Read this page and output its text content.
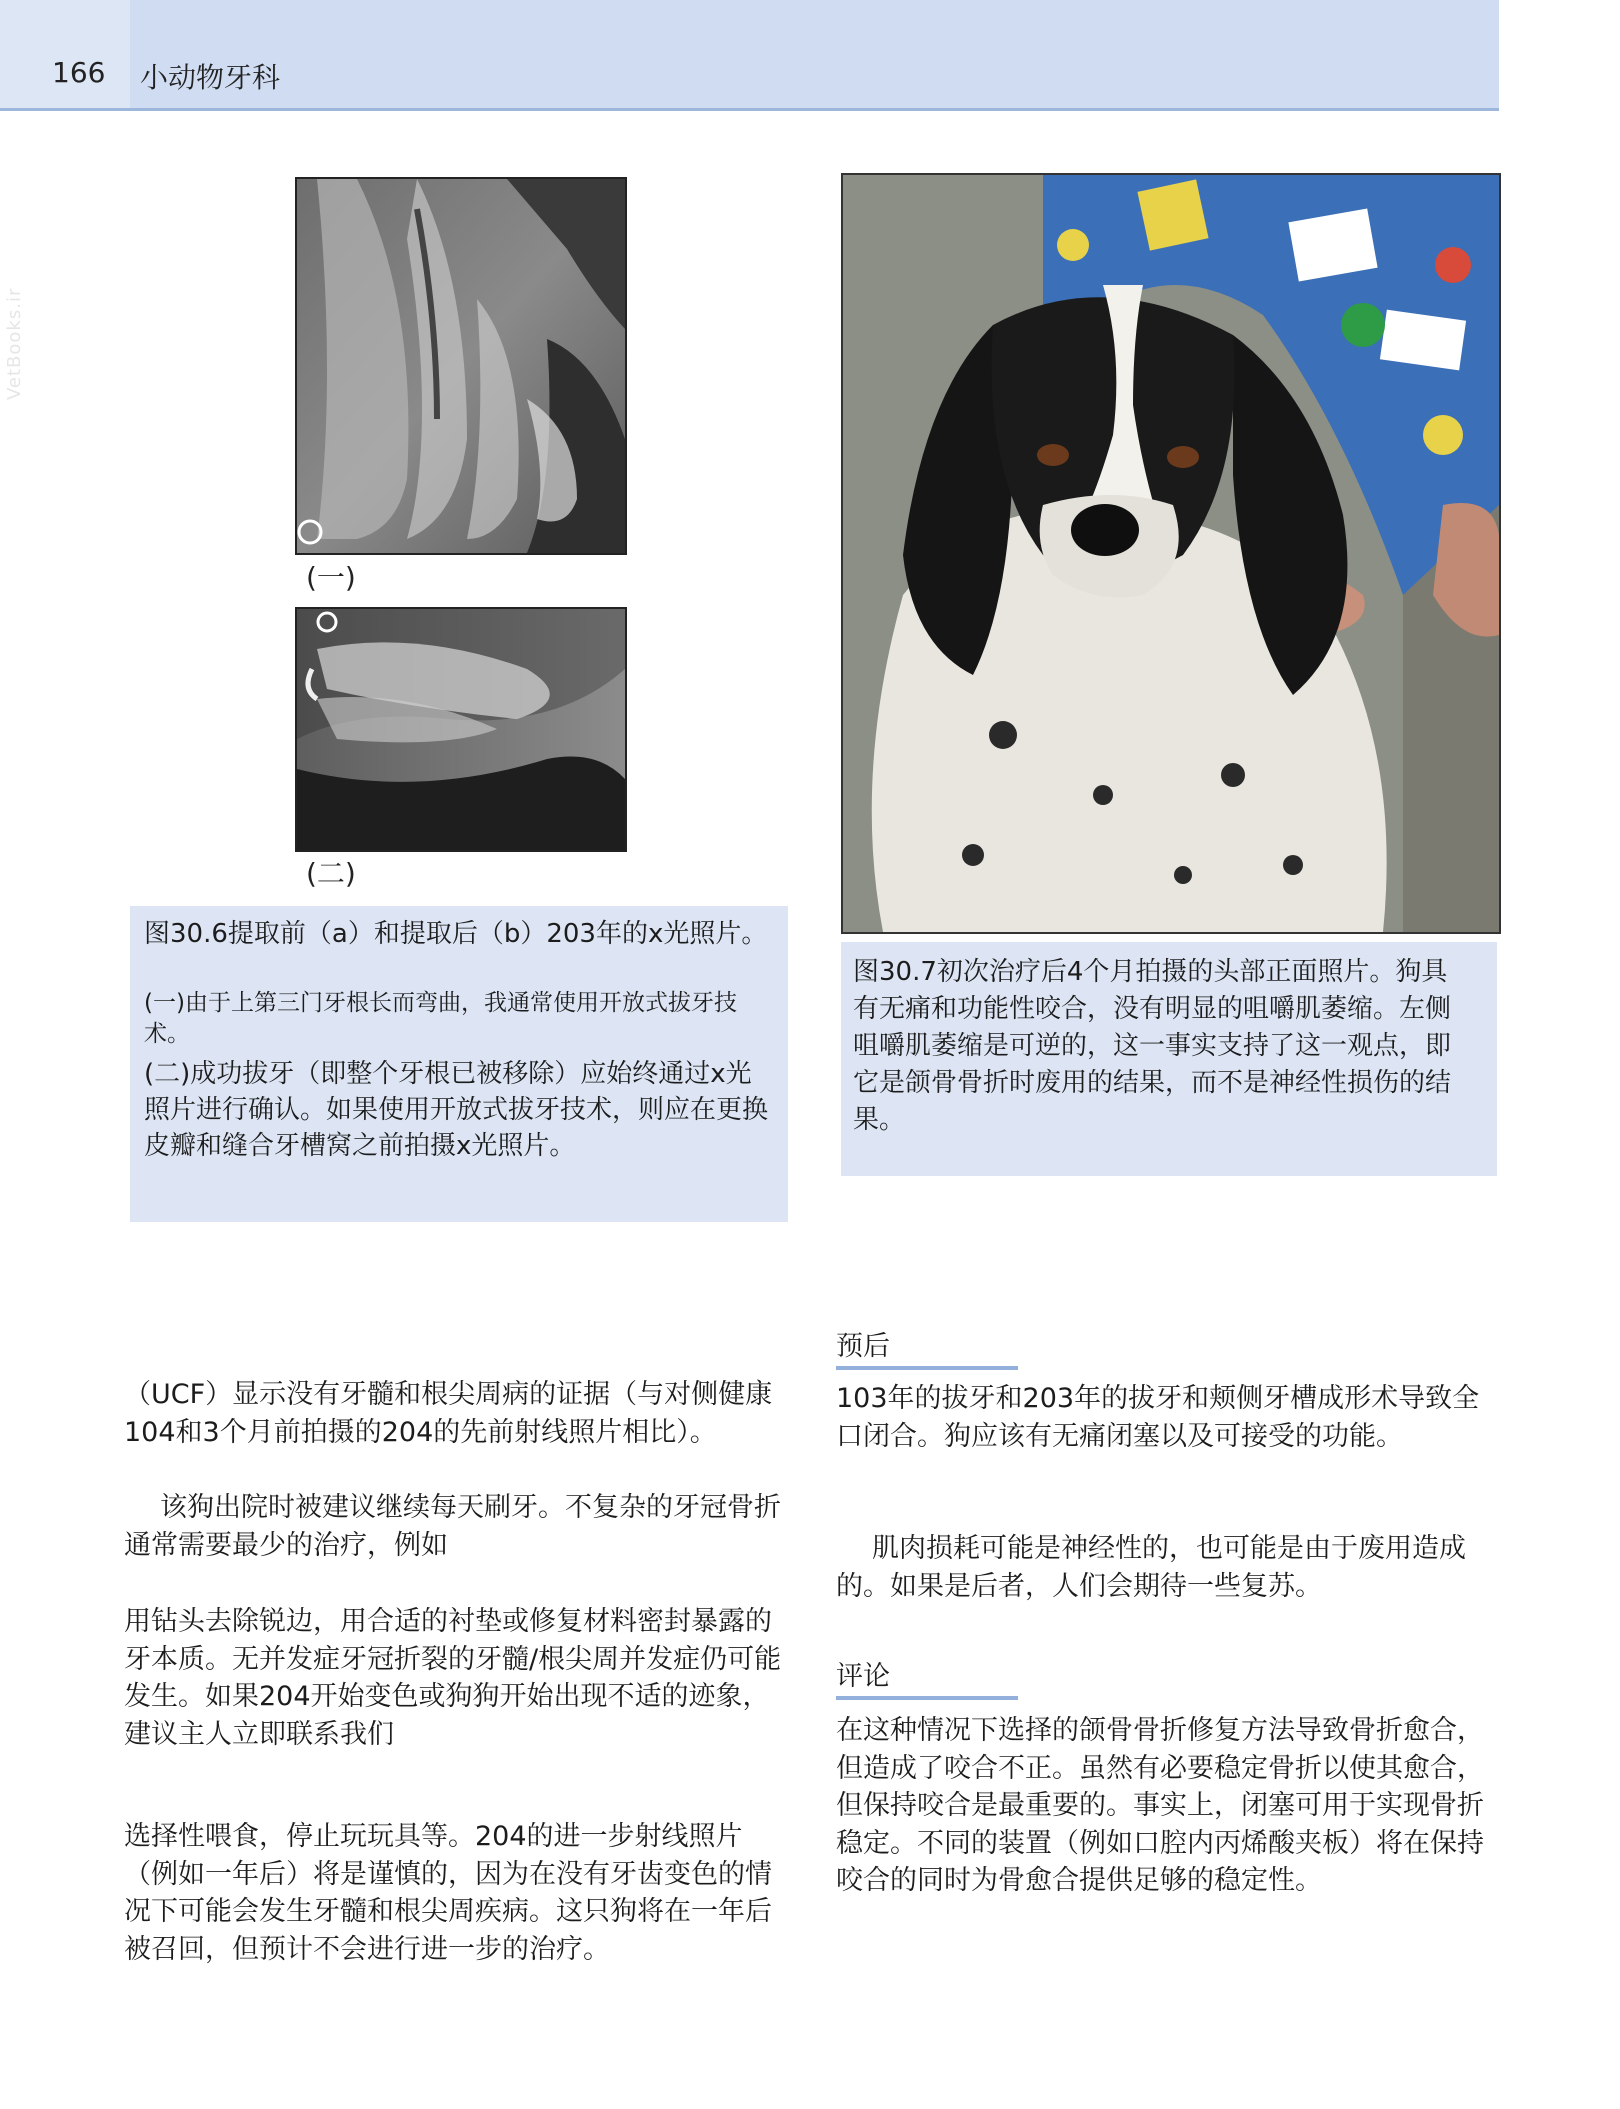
166 小动物牙科
VetBooks.ir
(一)
(二)

图30.6提取前（a）和提取后（b）203年的x光照片。

(一)由于上第三门牙根长而弯曲，我通常使用开放式拔牙技术。

(二)成功拔牙（即整个牙根已被移除）应始终通过x光照片进行确认。如果使用开放式拔牙技术，则应在更换皮瓣和缝合牙槽窝之前拍摄x光照片。

图30.7初次治疗后4个月拍摄的头部正面照片。狗具有无痛和功能性咬合，没有明显的咀嚼肌萎缩。左侧咀嚼肌萎缩是可逆的，这一事实支持了这一观点，即它是颌骨骨折时废用的结果，而不是神经性损伤的结果。

（UCF）显示没有牙髓和根尖周病的证据（与对侧健康104和3个月前拍摄的204的先前射线照片相比）。

该狗出院时被建议继续每天刷牙。不复杂的牙冠骨折通常需要最少的治疗，例如

用钻头去除锐边，用合适的衬垫或修复材料密封暴露的牙本质。无并发症牙冠折裂的牙髓/根尖周并发症仍可能发生。如果204开始变色或狗狗开始出现不适的迹象，建议主人立即联系我们

选择性喂食，停止玩玩具等。204的进一步射线照片（例如一年后）将是谨慎的，因为在没有牙齿变色的情况下可能会发生牙髓和根尖周疾病。这只狗将在一年后被召回，但预计不会进行进一步的治疗。

预后

103年的拔牙和203年的拔牙和颊侧牙槽成形术导致全口闭合。狗应该有无痛闭塞以及可接受的功能。

肌肉损耗可能是神经性的，也可能是由于废用造成的。如果是后者，人们会期待一些复苏。

评论

在这种情况下选择的颌骨骨折修复方法导致骨折愈合，但造成了咬合不正。虽然有必要稳定骨折以使其愈合，但保持咬合是最重要的。事实上，闭塞可用于实现骨折稳定。不同的装置（例如口腔内丙烯酸夹板）将在保持咬合的同时为骨愈合提供足够的稳定性。
